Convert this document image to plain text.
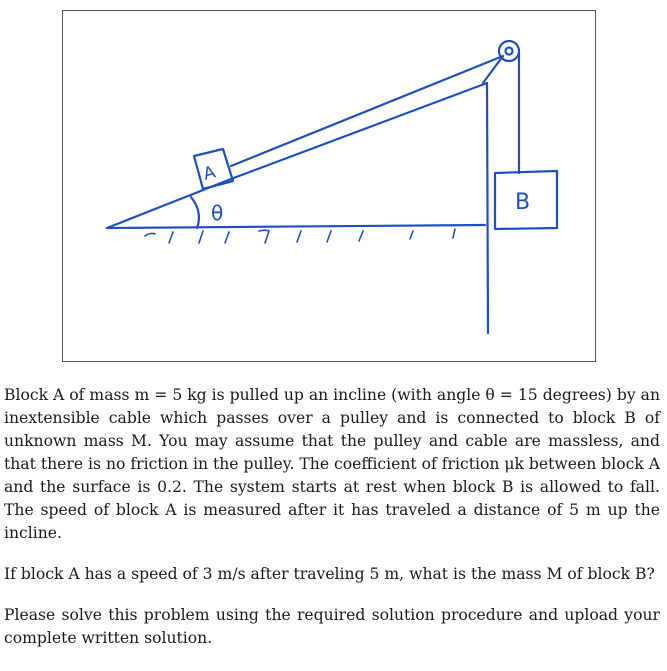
A
B
θ

Block A of mass m = 5 kg is pulled up an incline (with angle θ = 15 degrees) by an inextensible cable which passes over a pulley and is connected to block B of unknown mass M. You may assume that the pulley and cable are massless, and that there is no friction in the pulley. The coefficient of friction μk between block A and the surface is 0.2. The system starts at rest when block B is allowed to fall. The speed of block A is measured after it has traveled a distance of 5 m up the incline.

If block A has a speed of 3 m/s after traveling 5 m, what is the mass M of block B?

Please solve this problem using the required solution procedure and upload your complete written solution.
